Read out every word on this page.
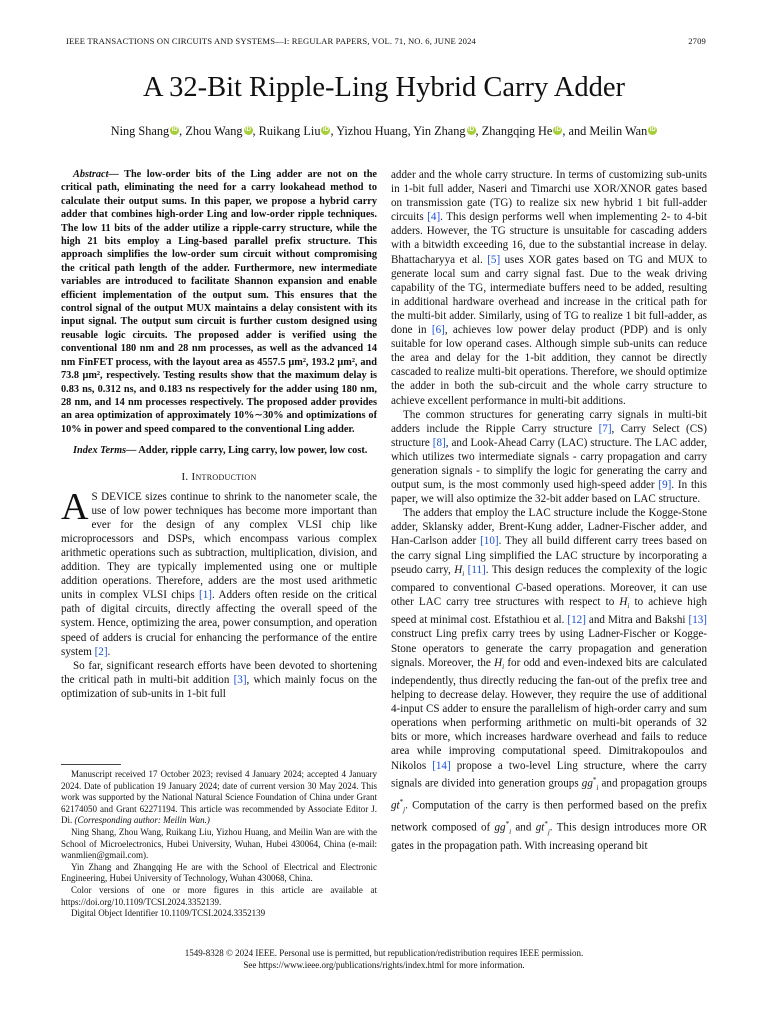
IEEE TRANSACTIONS ON CIRCUITS AND SYSTEMS—I: REGULAR PAPERS, VOL. 71, NO. 6, JUNE 2024	2709
A 32-Bit Ripple-Ling Hybrid Carry Adder
Ning Shang iD , Zhou Wang iD , Ruikang Liu iD , Yizhou Huang, Yin Zhang iD , Zhangqing He iD , and Meilin Wan iD
Abstract— The low-order bits of the Ling adder are not on the critical path, eliminating the need for a carry lookahead method to calculate their output sums. In this paper, we propose a hybrid carry adder that combines high-order Ling and low-order ripple techniques. The low 11 bits of the adder utilize a ripple-carry structure, while the high 21 bits employ a Ling-based parallel prefix structure. This approach simplifies the low-order sum circuit without compromising the critical path length of the adder. Furthermore, new intermediate variables are introduced to facilitate Shannon expansion and enable efficient implementation of the output sum. This ensures that the control signal of the output MUX maintains a delay consistent with its input signal. The output sum circuit is further custom designed using reusable logic circuits. The proposed adder is verified using the conventional 180 nm and 28 nm processes, as well as the advanced 14 nm FinFET process, with the layout area as 4557.5 μm², 193.2 μm², and 73.8 μm², respectively. Testing results show that the maximum delay is 0.83 ns, 0.312 ns, and 0.183 ns respectively for the adder using 180 nm, 28 nm, and 14 nm processes respectively. The proposed adder provides an area optimization of approximately 10%∼30% and optimizations of 10% in power and speed compared to the conventional Ling adder.
Index Terms— Adder, ripple carry, Ling carry, low power, low cost.
I. Introduction

A S DEVICE sizes continue to shrink to the nanometer scale, the use of low power techniques has become more important than ever for the design of any complex VLSI chip like microprocessors and DSPs, which encompass various complex arithmetic operations such as subtraction, multiplication, division, and addition. They are typically implemented using one or multiple addition operations. Therefore, adders are the most used arithmetic units in complex VLSI chips [1]. Adders often reside on the critical path of digital circuits, directly affecting the overall speed of the system. Hence, optimizing the area, power consumption, and operation speed of adders is crucial for enhancing the performance of the entire system [2].

So far, significant research efforts have been devoted to shortening the critical path in multi-bit addition [3], which mainly focus on the optimization of sub-units in 1-bit full

Manuscript received 17 October 2023; revised 4 January 2024; accepted 4 January 2024. Date of publication 19 January 2024; date of current version 30 May 2024. This work was supported by the National Natural Science Foundation of China under Grant 62174050 and Grant 62271194. This article was recommended by Associate Editor J. Di. (Corresponding author: Meilin Wan.)

Ning Shang, Zhou Wang, Ruikang Liu, Yizhou Huang, and Meilin Wan are with the School of Microelectronics, Hubei University, Wuhan, Hubei 430064, China (e-mail: wanmlien@gmail.com).

Yin Zhang and Zhangqing He are with the School of Electrical and Electronic Engineering, Hubei University of Technology, Wuhan 430068, China.

Color versions of one or more figures in this article are available at https://doi.org/10.1109/TCSI.2024.3352139.

Digital Object Identifier 10.1109/TCSI.2024.3352139

adder and the whole carry structure. In terms of customizing sub-units in 1-bit full adder, Naseri and Timarchi use XOR/XNOR gates based on transmission gate (TG) to realize six new hybrid 1 bit full-adder circuits [4]. This design performs well when implementing 2- to 4-bit adders. However, the TG structure is unsuitable for cascading adders with a bitwidth exceeding 16, due to the substantial increase in delay. Bhattacharyya et al. [5] uses XOR gates based on TG and MUX to generate local sum and carry signal fast. Due to the weak driving capability of the TG, intermediate buffers need to be added, resulting in additional hardware overhead and increase in the critical path for the multi-bit adder. Similarly, using of TG to realize 1 bit full-adder, as done in [6], achieves low power delay product (PDP) and is only suitable for low operand cases. Although simple sub-units can reduce the area and delay for the 1-bit addition, they cannot be directly cascaded to realize multi-bit operations. Therefore, we should optimize the adder in both the sub-circuit and the whole carry structure to achieve excellent performance in multi-bit additions.

The common structures for generating carry signals in multi-bit adders include the Ripple Carry structure [7], Carry Select (CS) structure [8], and Look-Ahead Carry (LAC) structure. The LAC adder, which utilizes two intermediate signals - carry propagation and carry generation signals - to simplify the logic for generating the carry and output sum, is the most commonly used high-speed adder [9]. In this paper, we will also optimize the 32-bit adder based on LAC structure.

The adders that employ the LAC structure include the Kogge-Stone adder, Sklansky adder, Brent-Kung adder, Ladner-Fischer adder, and Han-Carlson adder [10]. They all build different carry trees based on the carry signal Ling simplified the LAC structure by incorporating a pseudo carry, $H_i$ [11]. This design reduces the complexity of the logic compared to conventional C-based operations. Moreover, it can use other LAC carry tree structures with respect to $H_i$ to achieve high speed at minimal cost. Efstathiou et al. [12] and Mitra and Bakshi [13] construct Ling prefix carry trees by using Ladner-Fischer or Kogge-Stone operators to generate the carry propagation and generation signals. Moreover, the $H_i$ for odd and even-indexed bits are calculated independently, thus directly reducing the fan-out of the prefix tree and helping to decrease delay. However, they require the use of additional 4-input CS adder to ensure the parallelism of high-order carry and sum operations when performing arithmetic on multi-bit operands of 32 bits or more, which increases hardware overhead and fails to reduce area while improving computational speed. Dimitrakopoulos and Nikolos [14] propose a two-level Ling structure, where the carry signals are divided into generation groups $gg^*_i$ and propagation groups $gt^*_j$. Computation of the carry is then performed based on the prefix network composed of $gg^*_i$ and $gt^*_j$. This design introduces more OR gates in the propagation path. With increasing operand bit

1549-8328 © 2024 IEEE. Personal use is permitted, but republication/redistribution requires IEEE permission.
See https://www.ieee.org/publications/rights/index.html for more information.
